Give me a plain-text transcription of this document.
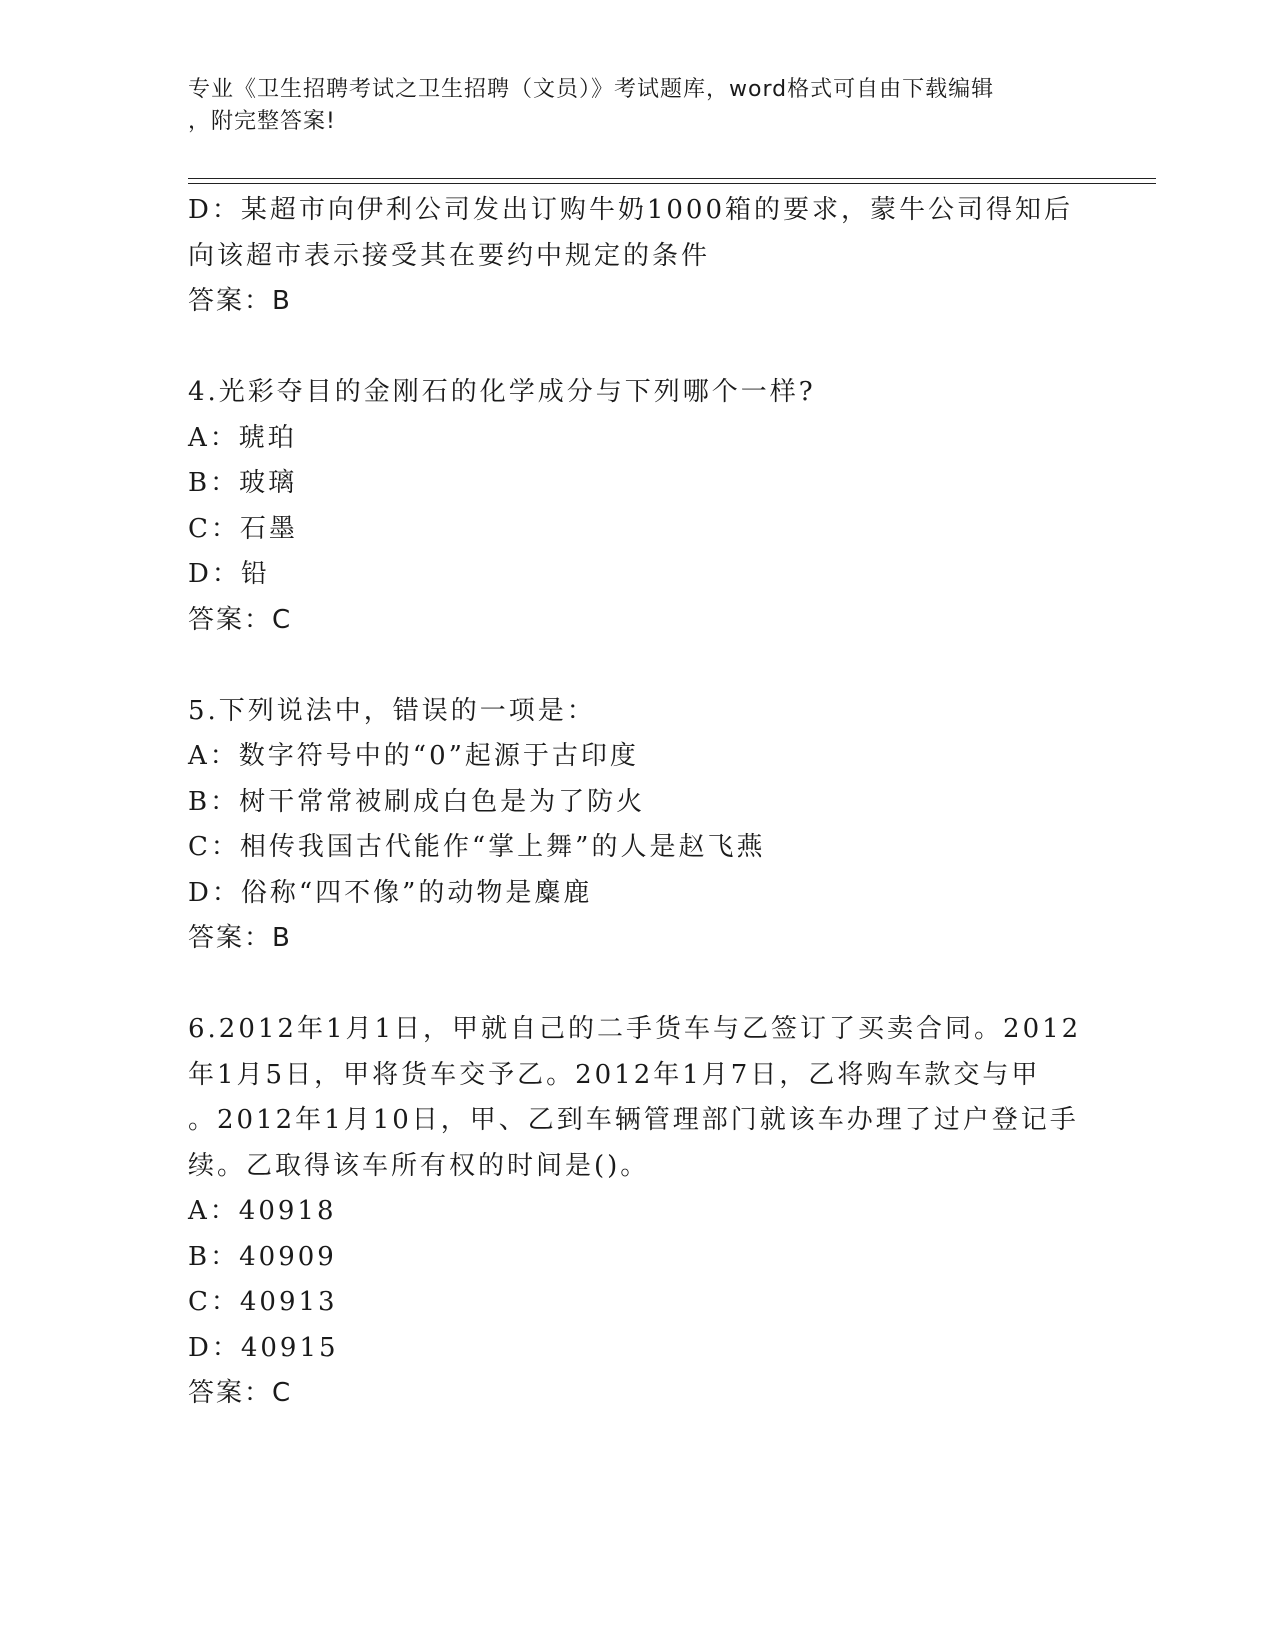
专业《卫生招聘考试之卫生招聘（文员）》考试题库，word格式可自由下载编辑
，附完整答案!

D：某超市向伊利公司发出订购牛奶1000箱的要求，蒙牛公司得知后

向该超市表示接受其在要约中规定的条件

答案：B

4.光彩夺目的金刚石的化学成分与下列哪个一样?

A：琥珀

B：玻璃

C：石墨

D：铅

答案：C

5.下列说法中，错误的一项是：

A：数字符号中的“0”起源于古印度

B：树干常常被刷成白色是为了防火

C：相传我国古代能作“掌上舞”的人是赵飞燕

D：俗称“四不像”的动物是麋鹿

答案：B

6.2012年1月1日，甲就自己的二手货车与乙签订了买卖合同。2012

年1月5日，甲将货车交予乙。2012年1月7日，乙将购车款交与甲

。2012年1月10日，甲、乙到车辆管理部门就该车办理了过户登记手

续。乙取得该车所有权的时间是()。

A：40918

B：40909

C：40913

D：40915

答案：C
